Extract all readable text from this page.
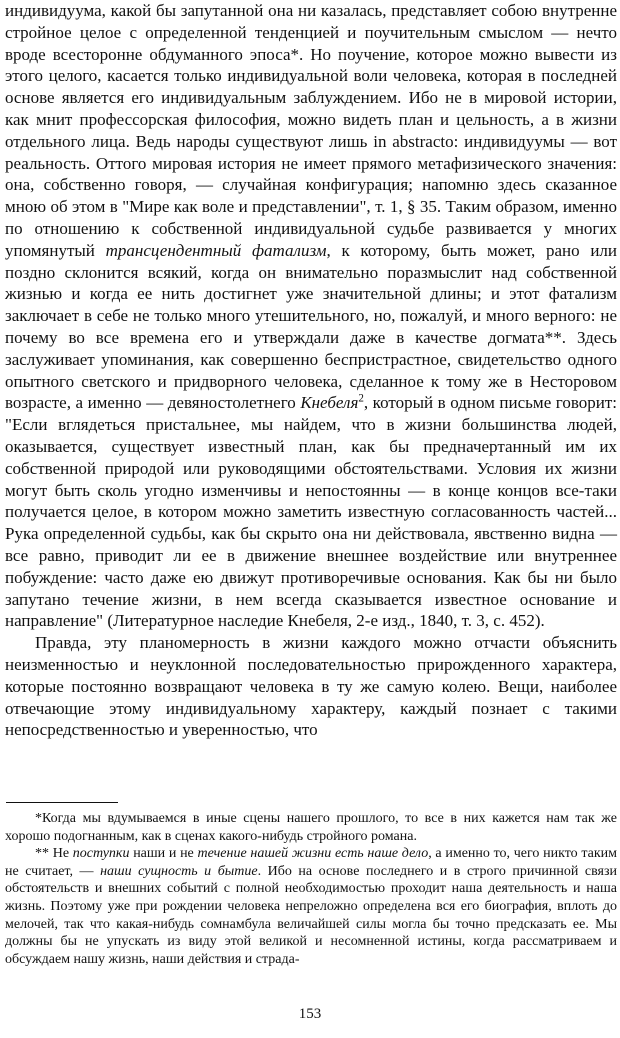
индивидуума, какой бы запутанной она ни казалась, представляет собою внутренне стройное целое с определенной тенденцией и поучительным смыслом — нечто вроде всесторонне обдуманного эпоса*. Но поучение, которое можно вывести из этого целого, касается только индивидуальной воли человека, которая в последней основе является его индивидуальным заблуждением. Ибо не в мировой истории, как мнит профессорская философия, можно видеть план и цельность, а в жизни отдельного лица. Ведь народы существуют лишь in abstracto: индивидуумы — вот реальность. Оттого мировая история не имеет прямого метафизического значения: она, собственно говоря, — случайная конфигурация; напомню здесь сказанное мною об этом в "Мире как воле и представлении", т. 1, § 35. Таким образом, именно по отношению к собственной индивидуальной судьбе развивается у многих упомянутый трансцендентный фатализм, к которому, быть может, рано или поздно склонится всякий, когда он внимательно поразмыслит над собственной жизнью и когда ее нить достигнет уже значительной длины; и этот фатализм заключает в себе не только много утешительного, но, пожалуй, и много верного: не почему во все времена его и утверждали даже в качестве догмата**. Здесь заслуживает упоминания, как совершенно беспристрастное, свидетельство одного опытного светского и придворного человека, сделанное к тому же в Несторовом возрасте, а именно — девяностолетнего Кнебеля$^2$, который в одном письме говорит: "Если вглядеться пристальнее, мы найдем, что в жизни большинства людей, оказывается, существует известный план, как бы предначертанный им их собственной природой или руководящими обстоятельствами. Условия их жизни могут быть сколь угодно изменчивы и непостоянны — в конце концов все-таки получается целое, в котором можно заметить известную согласованность частей... Рука определенной судьбы, как бы скрыто она ни действовала, явственно видна — все равно, приводит ли ее в движение внешнее воздействие или внутреннее побуждение: часто даже ею движут противоречивые основания. Как бы ни было запутано течение жизни, в нем всегда сказывается известное основание и направление" (Литературное наследие Кнебеля, 2-е изд., 1840, т. 3, с. 452).

Правда, эту планомерность в жизни каждого можно отчасти объяснить неизменностью и неуклонной последовательностью прирожденного характера, которые постоянно возвращают человека в ту же самую колею. Вещи, наиболее отвечающие этому индивидуальному характеру, каждый познает с такими непосредственностью и уверенностью, что

*Когда мы вдумываемся в иные сцены нашего прошлого, то все в них кажется нам так же хорошо подогнанным, как в сценах какого-нибудь стройного романа.

** Не поступки наши и не течение нашей жизни есть наше дело, а именно то, чего никто таким не считает, — наши сущность и бытие. Ибо на основе последнего и в строго причинной связи обстоятельств и внешних событий с полной необходимостью проходит наша деятельность и наша жизнь. Поэтому уже при рождении человека непреложно определена вся его биография, вплоть до мелочей, так что какая-нибудь сомнамбула величайшей силы могла бы точно предсказать ее. Мы должны бы не упускать из виду этой великой и несомненной истины, когда рассматриваем и обсуждаем нашу жизнь, наши действия и страда-

153
